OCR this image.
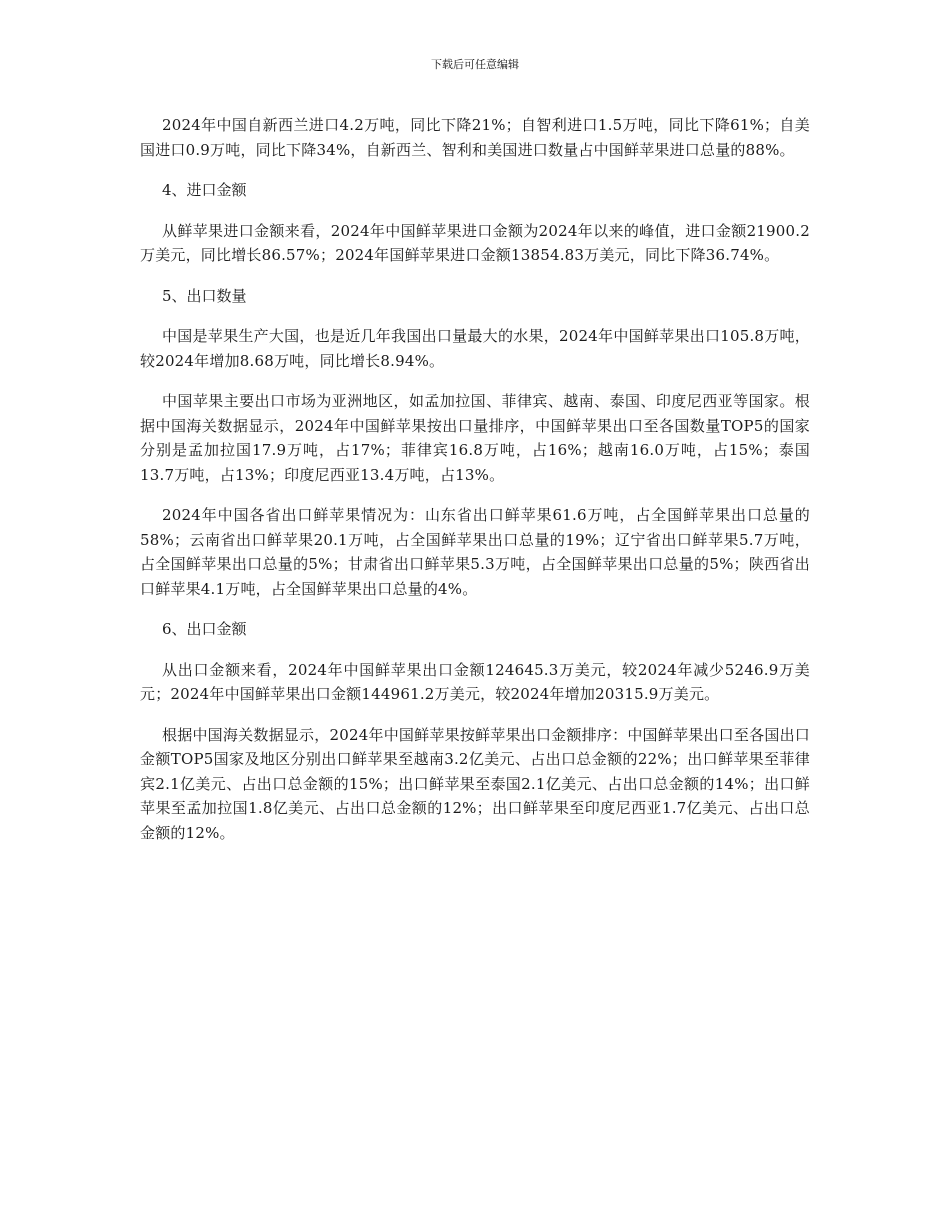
下载后可任意编辑

2024年中国自新西兰进口4.2万吨，同比下降21%；自智利进口1.5万吨，同比下降61%；自美国进口0.9万吨，同比下降34%，自新西兰、智利和美国进口数量占中国鲜苹果进口总量的88%。

4、进口金额

从鲜苹果进口金额来看，2024年中国鲜苹果进口金额为2024年以来的峰值，进口金额21900.2万美元，同比增长86.57%；2024年国鲜苹果进口金额13854.83万美元，同比下降36.74%。

5、出口数量

中国是苹果生产大国，也是近几年我国出口量最大的水果，2024年中国鲜苹果出口105.8万吨，较2024年增加8.68万吨，同比增长8.94%。

中国苹果主要出口市场为亚洲地区，如孟加拉国、菲律宾、越南、泰国、印度尼西亚等国家。根据中国海关数据显示，2024年中国鲜苹果按出口量排序，中国鲜苹果出口至各国数量TOP5的国家分别是孟加拉国17.9万吨，占17%；菲律宾16.8万吨，占16%；越南16.0万吨，占15%；泰国13.7万吨，占13%；印度尼西亚13.4万吨，占13%。

2024年中国各省出口鲜苹果情况为：山东省出口鲜苹果61.6万吨，占全国鲜苹果出口总量的58%；云南省出口鲜苹果20.1万吨，占全国鲜苹果出口总量的19%；辽宁省出口鲜苹果5.7万吨，占全国鲜苹果出口总量的5%；甘肃省出口鲜苹果5.3万吨，占全国鲜苹果出口总量的5%；陕西省出口鲜苹果4.1万吨，占全国鲜苹果出口总量的4%。

6、出口金额

从出口金额来看，2024年中国鲜苹果出口金额124645.3万美元，较2024年减少5246.9万美元；2024年中国鲜苹果出口金额144961.2万美元，较2024年增加20315.9万美元。

根据中国海关数据显示，2024年中国鲜苹果按鲜苹果出口金额排序：中国鲜苹果出口至各国出口金额TOP5国家及地区分别出口鲜苹果至越南3.2亿美元、占出口总金额的22%；出口鲜苹果至菲律宾2.1亿美元、占出口总金额的15%；出口鲜苹果至泰国2.1亿美元、占出口总金额的14%；出口鲜苹果至孟加拉国1.8亿美元、占出口总金额的12%；出口鲜苹果至印度尼西亚1.7亿美元、占出口总金额的12%。
